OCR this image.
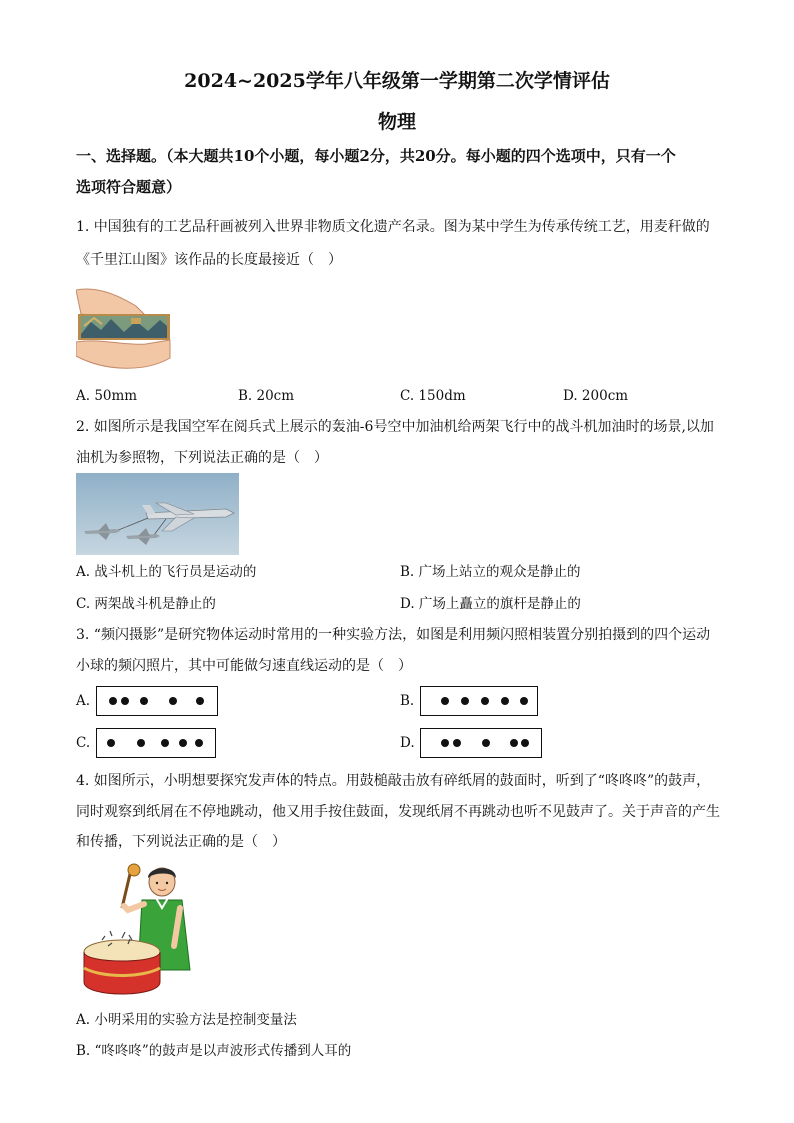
2024~2025学年八年级第一学期第二次学情评估
物理
一、选择题。（本大题共10个小题，每小题2分，共20分。每小题的四个选项中，只有一个
选项符合题意）
1. 中国独有的工艺品秆画被列入世界非物质文化遗产名录。图为某中学生为传承传统工艺，用麦秆做的
《千里江山图》该作品的长度最接近（　）
A. 50mm	B. 20cm	C. 150dm	D. 200cm
2. 如图所示是我国空军在阅兵式上展示的轰油-6号空中加油机给两架飞行中的战斗机加油时的场景,以加
油机为参照物，下列说法正确的是（　）
A. 战斗机上的飞行员是运动的	B. 广场上站立的观众是静止的
C. 两架战斗机是静止的	D. 广场上矗立的旗杆是静止的
3. “频闪摄影”是研究物体运动时常用的一种实验方法，如图是利用频闪照相装置分别拍摄到的四个运动
小球的频闪照片，其中可能做匀速直线运动的是（　）
A.	B.
C.	D.
4. 如图所示，小明想要探究发声体的特点。用鼓槌敲击放有碎纸屑的鼓面时，听到了“咚咚咚”的鼓声，
同时观察到纸屑在不停地跳动，他又用手按住鼓面，发现纸屑不再跳动也听不见鼓声了。关于声音的产生
和传播，下列说法正确的是（　）
A. 小明采用的实验方法是控制变量法
B. “咚咚咚”的鼓声是以声波形式传播到人耳的
